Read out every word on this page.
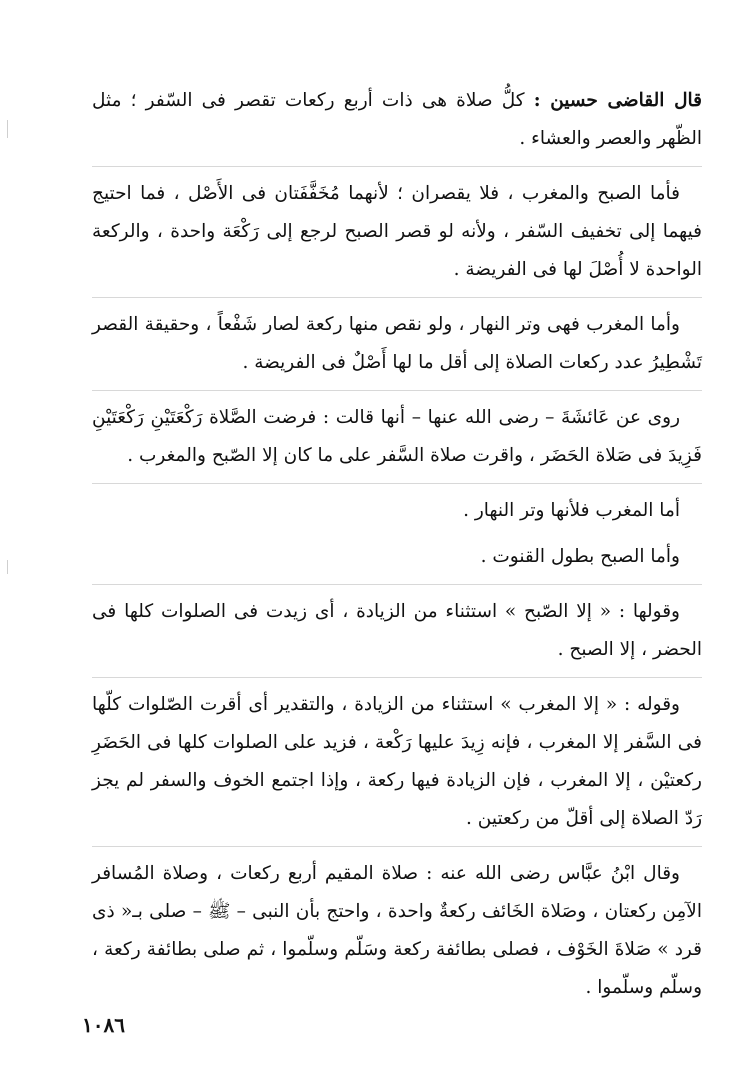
قال القاضى حسين : كلُّ صلاة هى ذات أربع ركعات تقصر فى السّفر ؛ مثل الظّهر والعصر والعشاء .

فأما الصبح والمغرب ، فلا يقصران ؛ لأنهما مُخَفَّفَتان فى الأَصْل ، فما احتيج فيهما إلى تخفيف السّفر ، ولأنه لو قصر الصبح لرجع إلى رَكْعَة واحدة ، والركعة الواحدة لا أُصْلَ لها فى الفريضة .

وأما المغرب فهى وتر النهار ، ولو نقص منها ركعة لصار شَفْعاً ، وحقيقة القصر تَشْطِيرُ عدد ركعات الصلاة إلى أقل ما لها أَصْلٌ فى الفريضة .

روى عن عَائشَةَ – رضى الله عنها – أنها قالت : فرضت الصَّلاة رَكْعَتَيْنِ رَكْعَتَيْنِ فَزِيدَ فى صَلاة الحَضَر ، واقرت صلاة السَّفر على ما كان إلا الصّبح والمغرب .

أما المغرب فلأنها وتر النهار .

وأما الصبح بطول القنوت .

وقولها : « إلا الصّبح » استثناء من الزيادة ، أى زيدت فى الصلوات كلها فى الحضر ، إلا الصبح .

وقوله : « إلا المغرب » استثناء من الزيادة ، والتقدير أى أقرت الصّلوات كلّها فى السَّفر إلا المغرب ، فإنه زِيدَ عليها رَكْعة ، فزيد على الصلوات كلها فى الحَضَرِ ركعتيْن ، إلا المغرب ، فإن الزيادة فيها ركعة ، وإذا اجتمع الخوف والسفر لم يجز رَدّ الصلاة إلى أقلّ من ركعتين .

وقال ابْنُ عبَّاس رضى الله عنه : صلاة المقيم أربع ركعات ، وصلاة المُسافر الآمِن ركعتان ، وصَلاة الخَائف ركعةٌ واحدة ، واحتج بأن النبى – ﷺ – صلى بـ« ذى قرد » صَلاةَ الخَوْف ، فصلى بطائفة ركعة وسَلّم وسلّموا ، ثم صلى بطائفة ركعة ، وسلّم وسلّموا .

١٠٨٦
